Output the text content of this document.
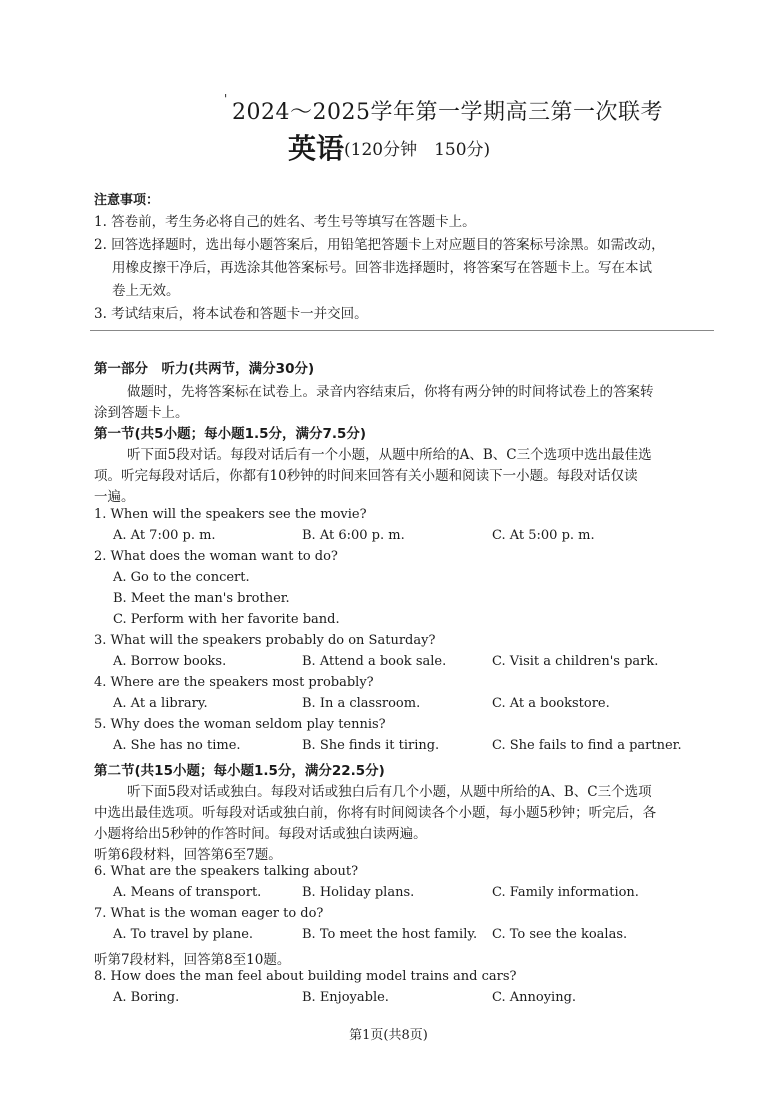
'
2024～2025学年第一学期高三第一次联考
英语(120分钟　150分)
注意事项：
1. 答卷前，考生务必将自己的姓名、考生号等填写在答题卡上。
2. 回答选择题时，选出每小题答案后，用铅笔把答题卡上对应题目的答案标号涂黑。如需改动，
用橡皮擦干净后，再选涂其他答案标号。回答非选择题时，将答案写在答题卡上。写在本试
卷上无效。
3. 考试结束后，将本试卷和答题卡一并交回。
第一部分　听力(共两节，满分30分)
做题时，先将答案标在试卷上。录音内容结束后，你将有两分钟的时间将试卷上的答案转
涂到答题卡上。
第一节(共5小题；每小题1.5分，满分7.5分)
听下面5段对话。每段对话后有一个小题，从题中所给的A、B、C三个选项中选出最佳选
项。听完每段对话后，你都有10秒钟的时间来回答有关小题和阅读下一小题。每段对话仅读
一遍。
1. When will the speakers see the movie?
A. At 7:00 p. m.	B. At 6:00 p. m.	C. At 5:00 p. m.
2. What does the woman want to do?
A. Go to the concert.
B. Meet the man's brother.
C. Perform with her favorite band.
3. What will the speakers probably do on Saturday?
A. Borrow books.	B. Attend a book sale.	C. Visit a children's park.
4. Where are the speakers most probably?
A. At a library.	B. In a classroom.	C. At a bookstore.
5. Why does the woman seldom play tennis?
A. She has no time.	B. She finds it tiring.	C. She fails to find a partner.
第二节(共15小题；每小题1.5分，满分22.5分)
听下面5段对话或独白。每段对话或独白后有几个小题，从题中所给的A、B、C三个选项
中选出最佳选项。听每段对话或独白前，你将有时间阅读各个小题，每小题5秒钟；听完后，各
小题将给出5秒钟的作答时间。每段对话或独白读两遍。
听第6段材料，回答第6至7题。
6. What are the speakers talking about?
A. Means of transport.	B. Holiday plans.	C. Family information.
7. What is the woman eager to do?
A. To travel by plane.	B. To meet the host family. C. To see the koalas.
听第7段材料，回答第8至10题。
8. How does the man feel about building model trains and cars?
A. Boring.	B. Enjoyable.	C. Annoying.
第1页(共8页)
